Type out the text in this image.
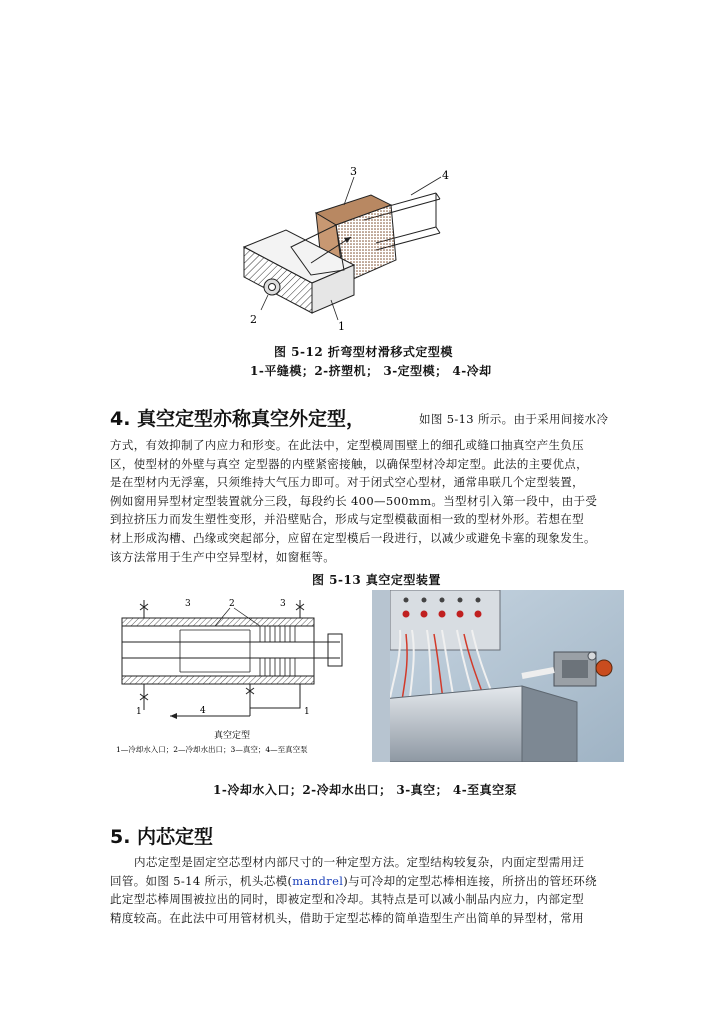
3	4
2
1
图 5-12 折弯型材滑移式定型模
1-平缝模；2-挤塑机； 3-定型模； 4-冷却
4. 真空定型亦称真空外定型，	如图 5-13 所示。由于采用间接水冷
方式，有效抑制了内应力和形变。在此法中，定型模周围壁上的细孔或缝口抽真空产生负压
区，使型材的外壁与真空 定型器的内壁紧密接触，以确保型材冷却定型。此法的主要优点，
是在型材内无浮塞，只须维持大气压力即可。对于闭式空心型材，通常串联几个定型装置，
例如窗用异型材定型装置就分三段，每段约长 400—500mm。当型材引入第一段中，由于受
到拉挤压力而发生塑性变形，并沿壁贴合，形成与定型模截面相一致的型材外形。若想在型
材上形成沟槽、凸缘或突起部分，应留在定型模后一段进行，以减少或避免卡塞的现象发生。
该方法常用于生产中空异型材，如窗框等。
图 5-13 真空定型装置
3	2	3
1	1
4
真空定型
1—冷却水入口；2—冷却水出口；3—真空；4—至真空泵
1-冷却水入口；2-冷却水出口； 3-真空； 4-至真空泵
5. 内芯定型
内芯定型是固定空芯型材内部尺寸的一种定型方法。定型结构较复杂，内面定型需用迂
回管。如图 5-14 所示，机头芯模(mandrel)与可冷却的定型芯棒相连接，所挤出的管坯环绕
此定型芯棒周围被拉出的同时，即被定型和冷却。其特点是可以减小制品内应力，内部定型
精度较高。在此法中可用管材机头，借助于定型芯棒的简单造型生产出简单的异型材，常用
